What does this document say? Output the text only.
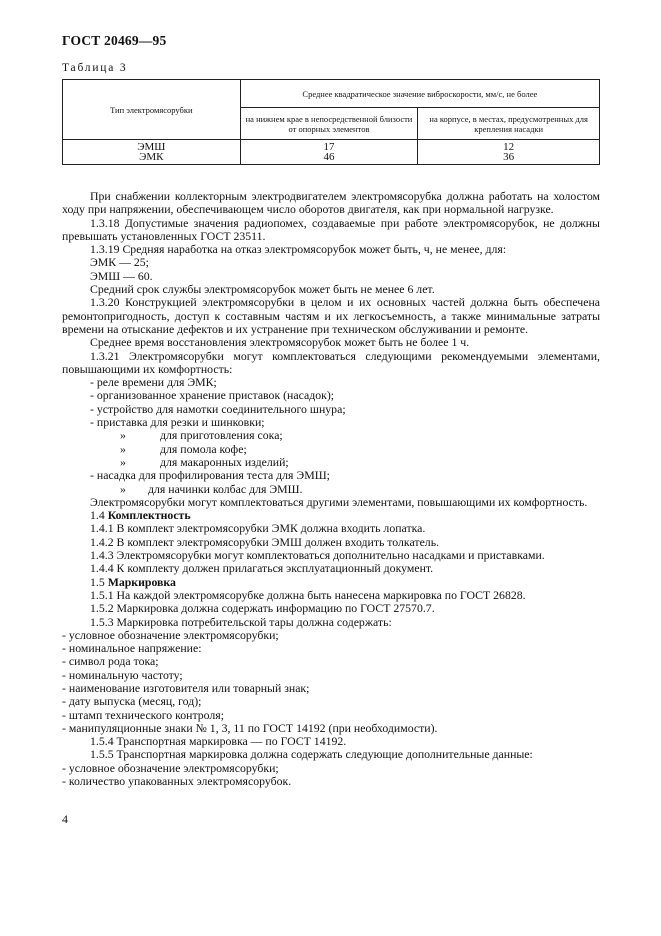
ГОСТ 20469—95
Таблица 3
Тип электромясорубки	Среднее квадратическое значение виброскорости, мм/с, не более	
	на нижнем крае в непосредственной близости от опорных элементов	на корпусе, в местах, предусмотренных для крепления насадки
ЭМШ	17	12
ЭМК	46	36

При снабжении коллекторным электродвигателем электромясорубка должна работать на холостом ходу при напряжении, обеспечивающем число оборотов двигателя, как при нормальной нагрузке.

1.3.18 Допустимые значения радиопомех, создаваемые при работе электромясорубок, не должны превышать установленных ГОСТ 23511.

1.3.19 Средняя наработка на отказ электромясорубок может быть, ч, не менее, для:

ЭМК — 25;

ЭМШ — 60.

Средний срок службы электромясорубок может быть не менее 6 лет.

1.3.20 Конструкцией электромясорубки в целом и их основных частей должна быть обеспечена ремонтопригодность, доступ к составным частям и их легкосъемность, а также минимальные затраты времени на отыскание дефектов и их устранение при техническом обслуживании и ремонте.

Среднее время восстановления электромясорубок может быть не более 1 ч.

1.3.21 Электромясорубки могут комплектоваться следующими рекомендуемыми элементами, повышающими их комфортность:

- реле времени для ЭМК;

- организованное хранение приставок (насадок);

- устройство для намотки соединительного шнура;

- приставка для резки и шинковки;

»	для приготовления сока;
»	для помола кофе;
»	для макаронных изделий;

- насадка для профилирования теста для ЭМШ;

»	для начинки колбас для ЭМШ.

Электромясорубки могут комплектоваться другими элементами, повышающими их комфортность.

1.4 Комплектность

1.4.1 В комплект электромясорубки ЭМК должна входить лопатка.

1.4.2 В комплект электромясорубки ЭМШ должен входить толкатель.

1.4.3 Электромясорубки могут комплектоваться дополнительно насадками и приставками.

1.4.4 К комплекту должен прилагаться эксплуатационный документ.

1.5 Маркировка

1.5.1 На каждой электромясорубке должна быть нанесена маркировка по ГОСТ 26828.

1.5.2 Маркировка должна содержать информацию по ГОСТ 27570.7.

1.5.3 Маркировка потребительской тары должна содержать:

- условное обозначение электромясорубки;

- номинальное напряжение:

- символ рода тока;

- номинальную частоту;

- наименование изготовителя или товарный знак;

- дату выпуска (месяц, год);

- штамп технического контроля;

- манипуляционные знаки № 1, 3, 11 по ГОСТ 14192 (при необходимости).

1.5.4 Транспортная маркировка — по ГОСТ 14192.

1.5.5 Транспортная маркировка должна содержать следующие дополнительные данные:

- условное обозначение электромясорубки;

- количество упакованных электромясорубок.

4
